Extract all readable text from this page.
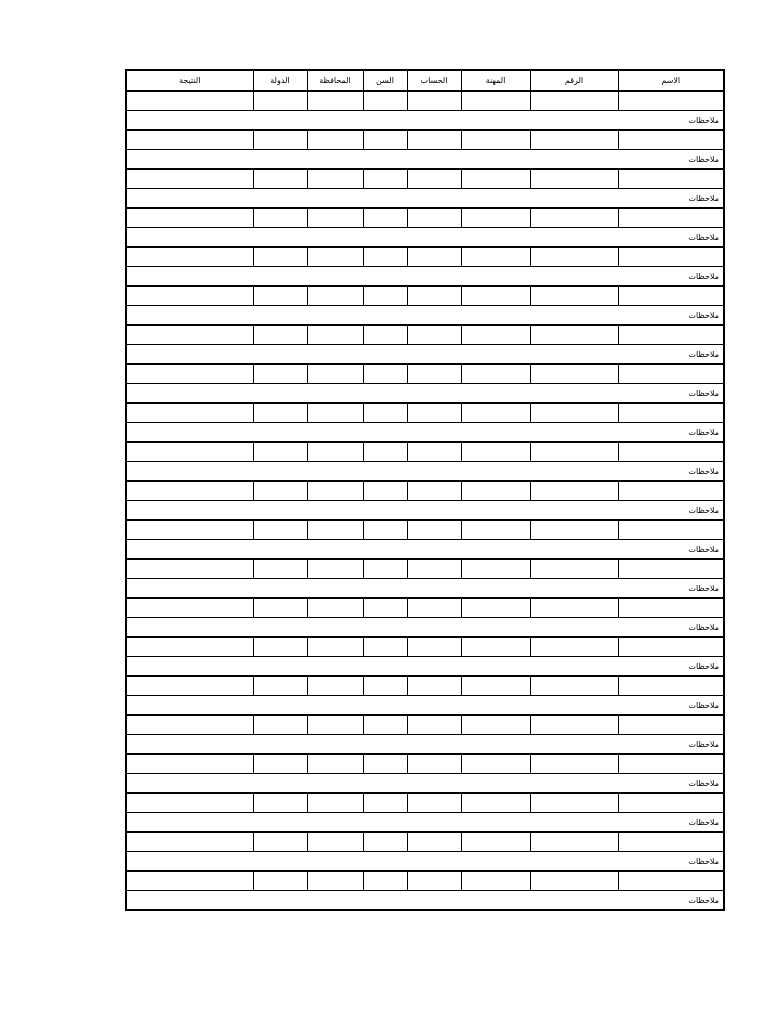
الاسم	الرقم	المهنة	الحساب	السن	المحافظة	الدولة	النتيجة

ملاحظات							

ملاحظات							

ملاحظات							

ملاحظات							

ملاحظات							

ملاحظات							

ملاحظات							

ملاحظات							

ملاحظات							

ملاحظات							

ملاحظات							

ملاحظات							

ملاحظات							

ملاحظات							

ملاحظات							

ملاحظات							

ملاحظات							

ملاحظات							

ملاحظات							

ملاحظات							

ملاحظات							
